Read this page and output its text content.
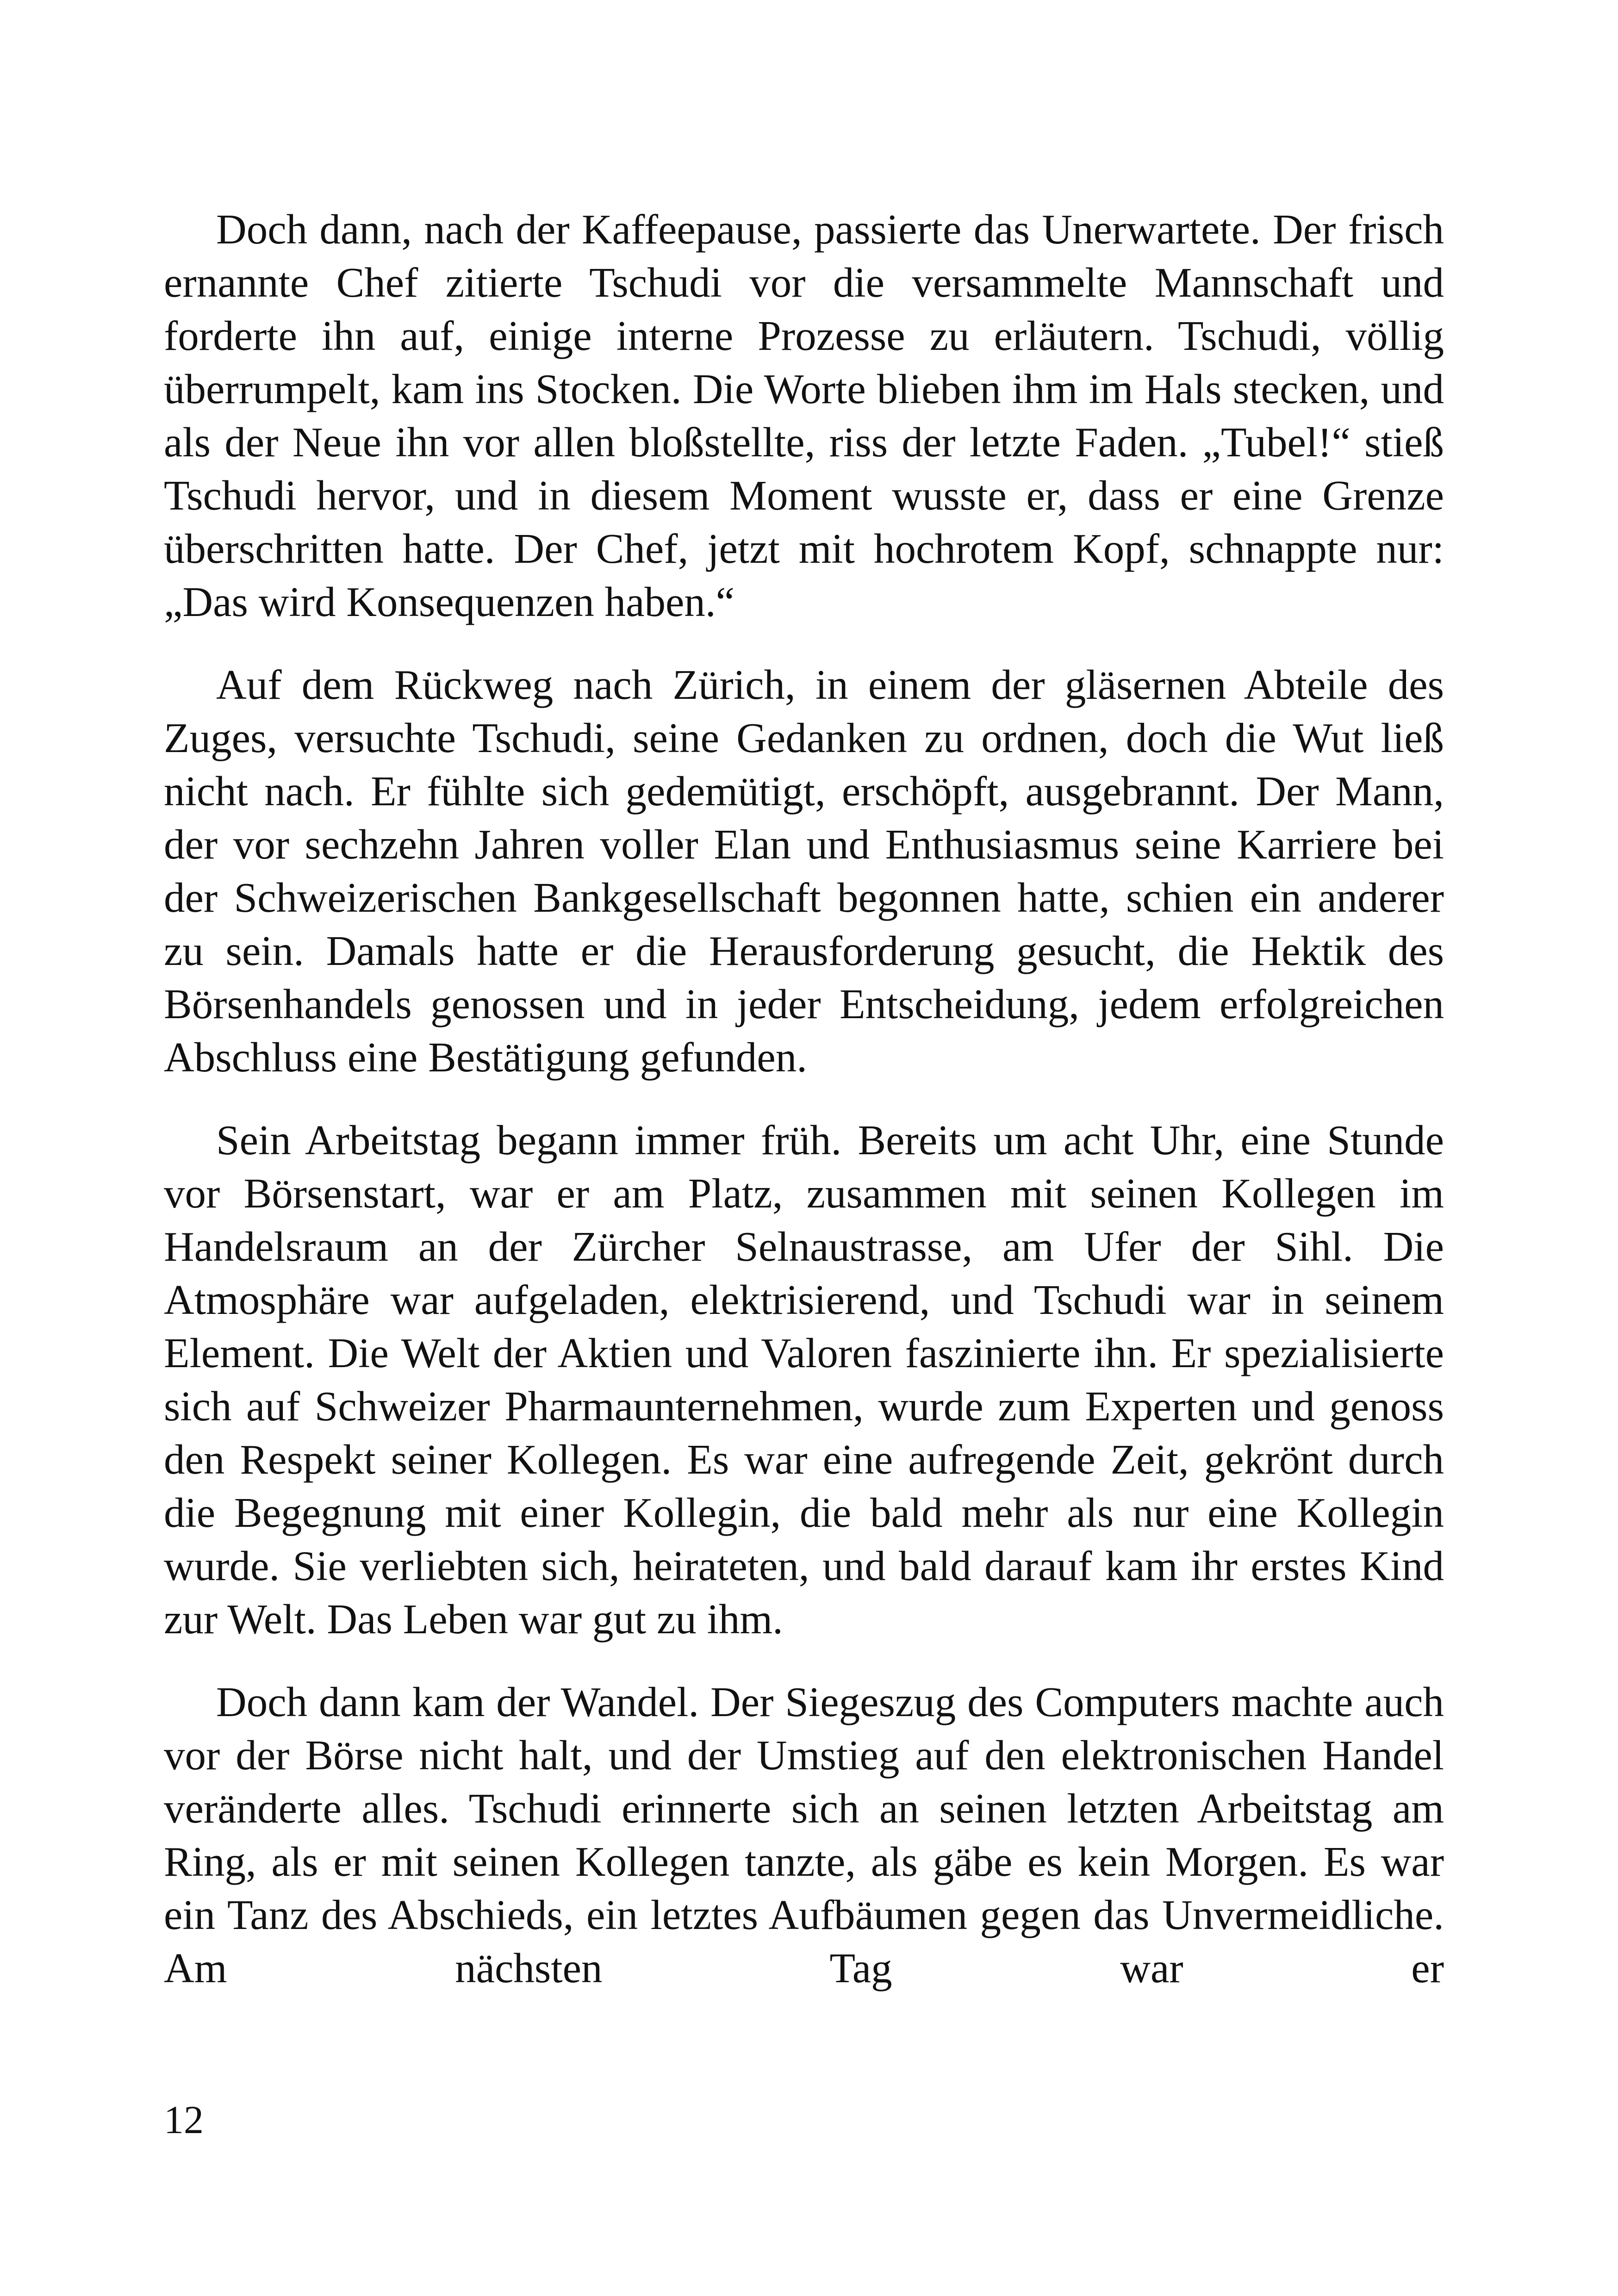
Doch dann, nach der Kaffeepause, passierte das Unerwartete. Der frisch ernannte Chef zitierte Tschudi vor die versammelte Mannschaft und forderte ihn auf, einige interne Prozesse zu erläutern. Tschudi, völlig überrumpelt, kam ins Stocken. Die Worte blieben ihm im Hals stecken, und als der Neue ihn vor allen bloßstellte, riss der letzte Faden. „Tubel!“ stieß Tschudi hervor, und in diesem Moment wusste er, dass er eine Grenze überschritten hatte. Der Chef, jetzt mit hochrotem Kopf, schnappte nur: „Das wird Konsequenzen haben.“

Auf dem Rückweg nach Zürich, in einem der gläsernen Abteile des Zuges, versuchte Tschudi, seine Gedanken zu ordnen, doch die Wut ließ nicht nach. Er fühlte sich gedemütigt, erschöpft, ausgebrannt. Der Mann, der vor sechzehn Jahren voller Elan und Enthusiasmus seine Karriere bei der Schweizerischen Bankgesellschaft begonnen hatte, schien ein anderer zu sein. Damals hatte er die Herausforderung gesucht, die Hektik des Börsenhandels genossen und in jeder Entscheidung, jedem erfolgreichen Abschluss eine Bestätigung gefunden.

Sein Arbeitstag begann immer früh. Bereits um acht Uhr, eine Stunde vor Börsenstart, war er am Platz, zusammen mit seinen Kollegen im Handelsraum an der Zürcher Selnaustrasse, am Ufer der Sihl. Die Atmosphäre war aufgeladen, elektrisierend, und Tschudi war in seinem Element. Die Welt der Aktien und Valoren faszinierte ihn. Er spezialisierte sich auf Schweizer Pharmaunternehmen, wurde zum Experten und genoss den Respekt seiner Kollegen. Es war eine aufregende Zeit, gekrönt durch die Begegnung mit einer Kollegin, die bald mehr als nur eine Kollegin wurde. Sie verliebten sich, heirateten, und bald darauf kam ihr erstes Kind zur Welt. Das Leben war gut zu ihm.

Doch dann kam der Wandel. Der Siegeszug des Computers machte auch vor der Börse nicht halt, und der Umstieg auf den elektronischen Handel veränderte alles. Tschudi erinnerte sich an seinen letzten Arbeitstag am Ring, als er mit seinen Kollegen tanzte, als gäbe es kein Morgen. Es war ein Tanz des Abschieds, ein letztes Aufbäumen gegen das Unvermeidliche. Am nächsten Tag war er

12
